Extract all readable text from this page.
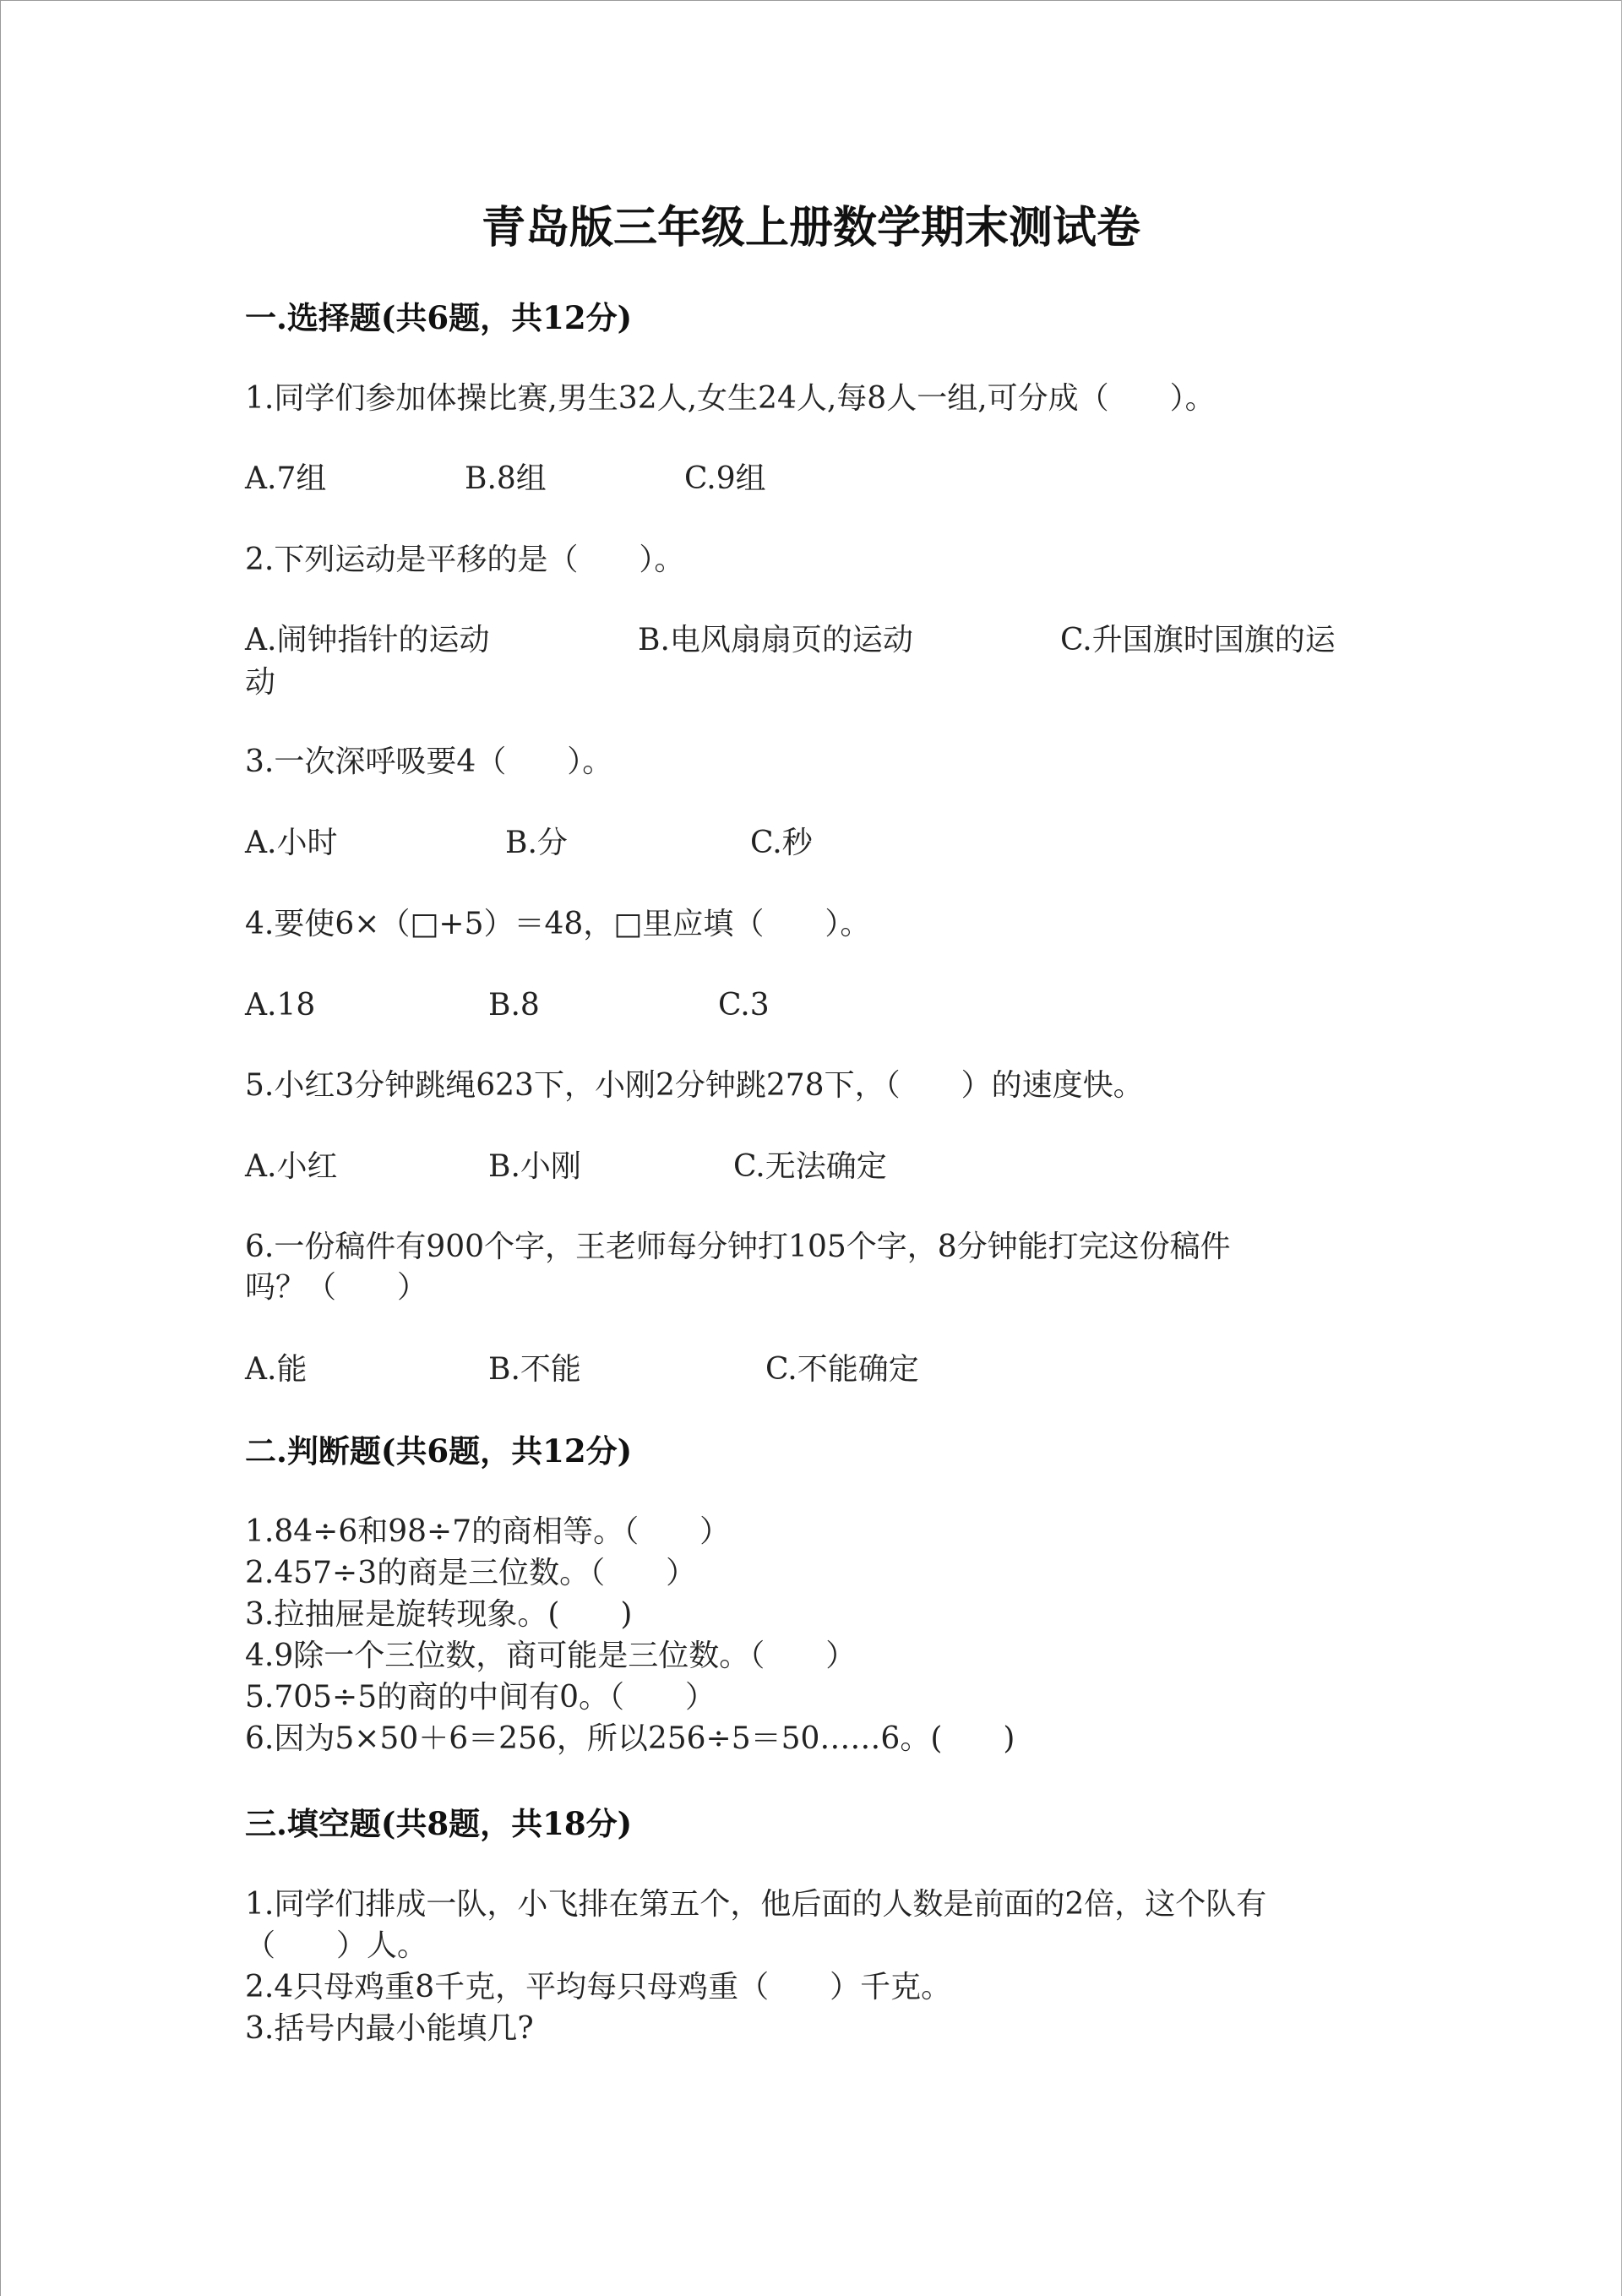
青岛版三年级上册数学期末测试卷
一.选择题(共6题，共12分)
1.同学们参加体操比赛,男生32人,女生24人,每8人一组,可分成（　　）。
A.7组	B.8组	C.9组
2.下列运动是平移的是（　　）。
A.闹钟指针的运动	B.电风扇扇页的运动	C.升国旗时国旗的运
动
3.一次深呼吸要4（　　）。
A.小时	B.分	C.秒
4.要使6×（□+5）＝48，□里应填（　　）。
A.18	B.8	C.3
5.小红3分钟跳绳623下，小刚2分钟跳278下，（　　）的速度快。
A.小红	B.小刚	C.无法确定
6.一份稿件有900个字，王老师每分钟打105个字，8分钟能打完这份稿件
吗？（　　）
A.能	B.不能	C.不能确定
二.判断题(共6题，共12分)
1.84÷6和98÷7的商相等。（　　）
2.457÷3的商是三位数。（　　）
3.拉抽屉是旋转现象。(　　)
4.9除一个三位数，商可能是三位数。（　　）
5.705÷5的商的中间有0。（　　）
6.因为5×50＋6＝256，所以256÷5＝50……6。(　　)
三.填空题(共8题，共18分)
1.同学们排成一队，小飞排在第五个，他后面的人数是前面的2倍，这个队有
（　　）人。
2.4只母鸡重8千克，平均每只母鸡重（　　）千克。
3.括号内最小能填几?
